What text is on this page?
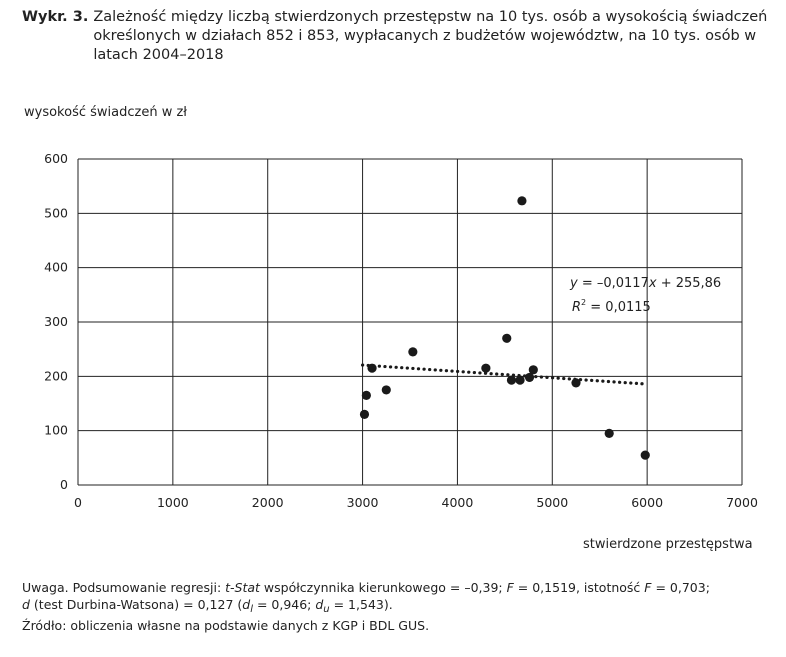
Wykr. 3. Zależność między liczbą stwierdzonych przestępstw na 10 tys. osób a wysokością świadczeń określonych w działach 852 i 853, wypłacanych z budżetów województw, na 10 tys. osób w latach 2004–2018
wysokość świadczeń w zł
0
100
200
300
400
500
600
0	1000	2000	3000	4000	5000	6000	7000
y = –0,0117x + 255,86
$R^2 = 0,0115$
stwierdzone przestępstwa
Uwaga. Podsumowanie regresji: t-Stat współczynnika kierunkowego = –0,39; F = 0,1519, istotność F = 0,703;
d (test Durbina-Watsona) = 0,127 ($d_l = 0,946$; $d_u = 1,543$).
Źródło: obliczenia własne na podstawie danych z KGP i BDL GUS.
